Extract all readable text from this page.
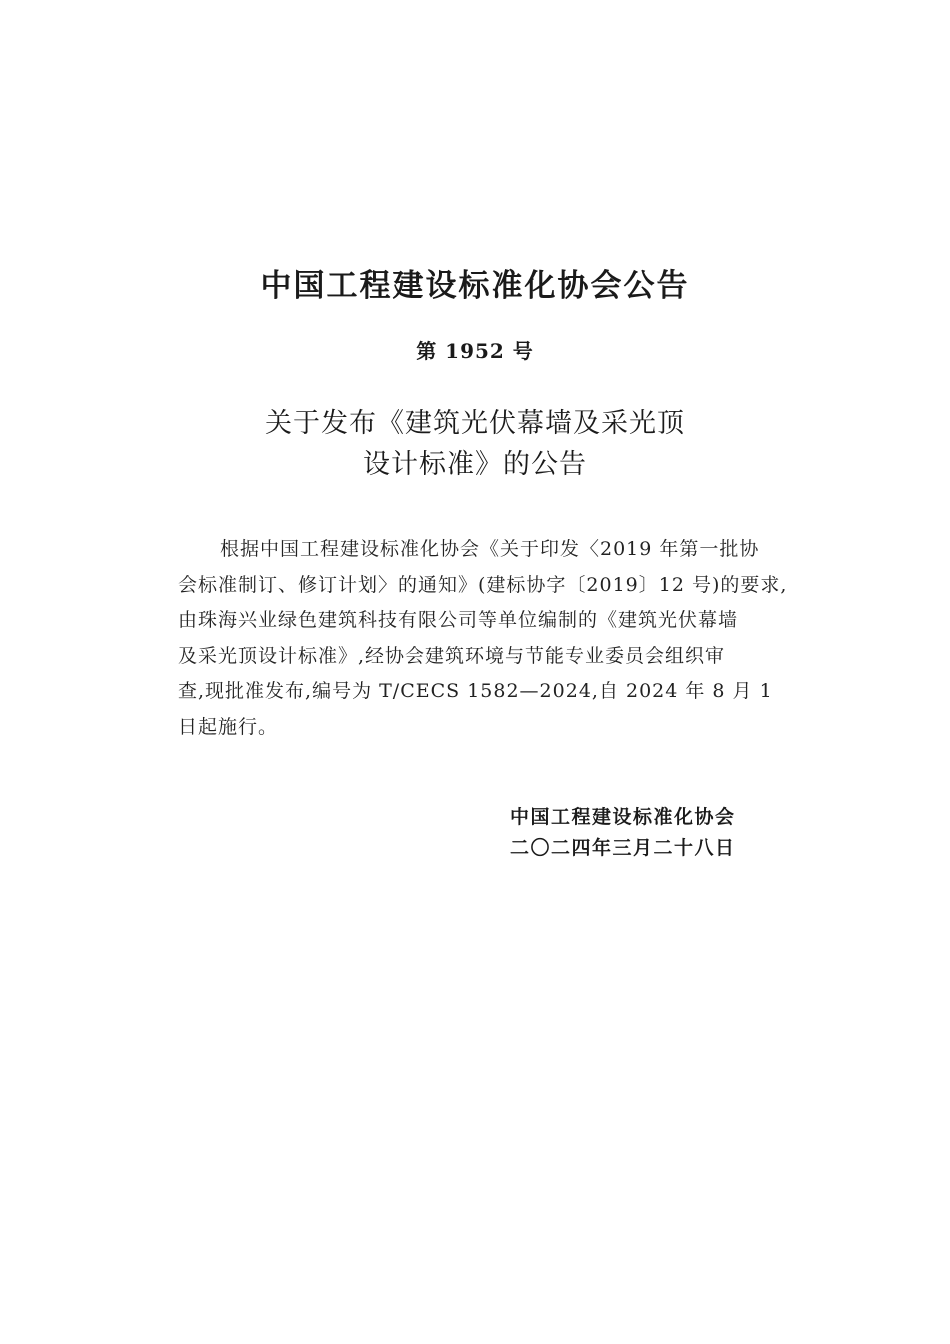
中国工程建设标准化协会公告
第 1952 号
关于发布《建筑光伏幕墙及采光顶
设计标准》的公告
根据中国工程建设标准化协会《关于印发〈2019 年第一批协
会标准制订、修订计划〉的通知》(建标协字〔2019〕12 号)的要求,
由珠海兴业绿色建筑科技有限公司等单位编制的《建筑光伏幕墙
及采光顶设计标准》,经协会建筑环境与节能专业委员会组织审
查,现批准发布,编号为 T/CECS 1582—2024,自 2024 年 8 月 1
日起施行。
中国工程建设标准化协会
二〇二四年三月二十八日
